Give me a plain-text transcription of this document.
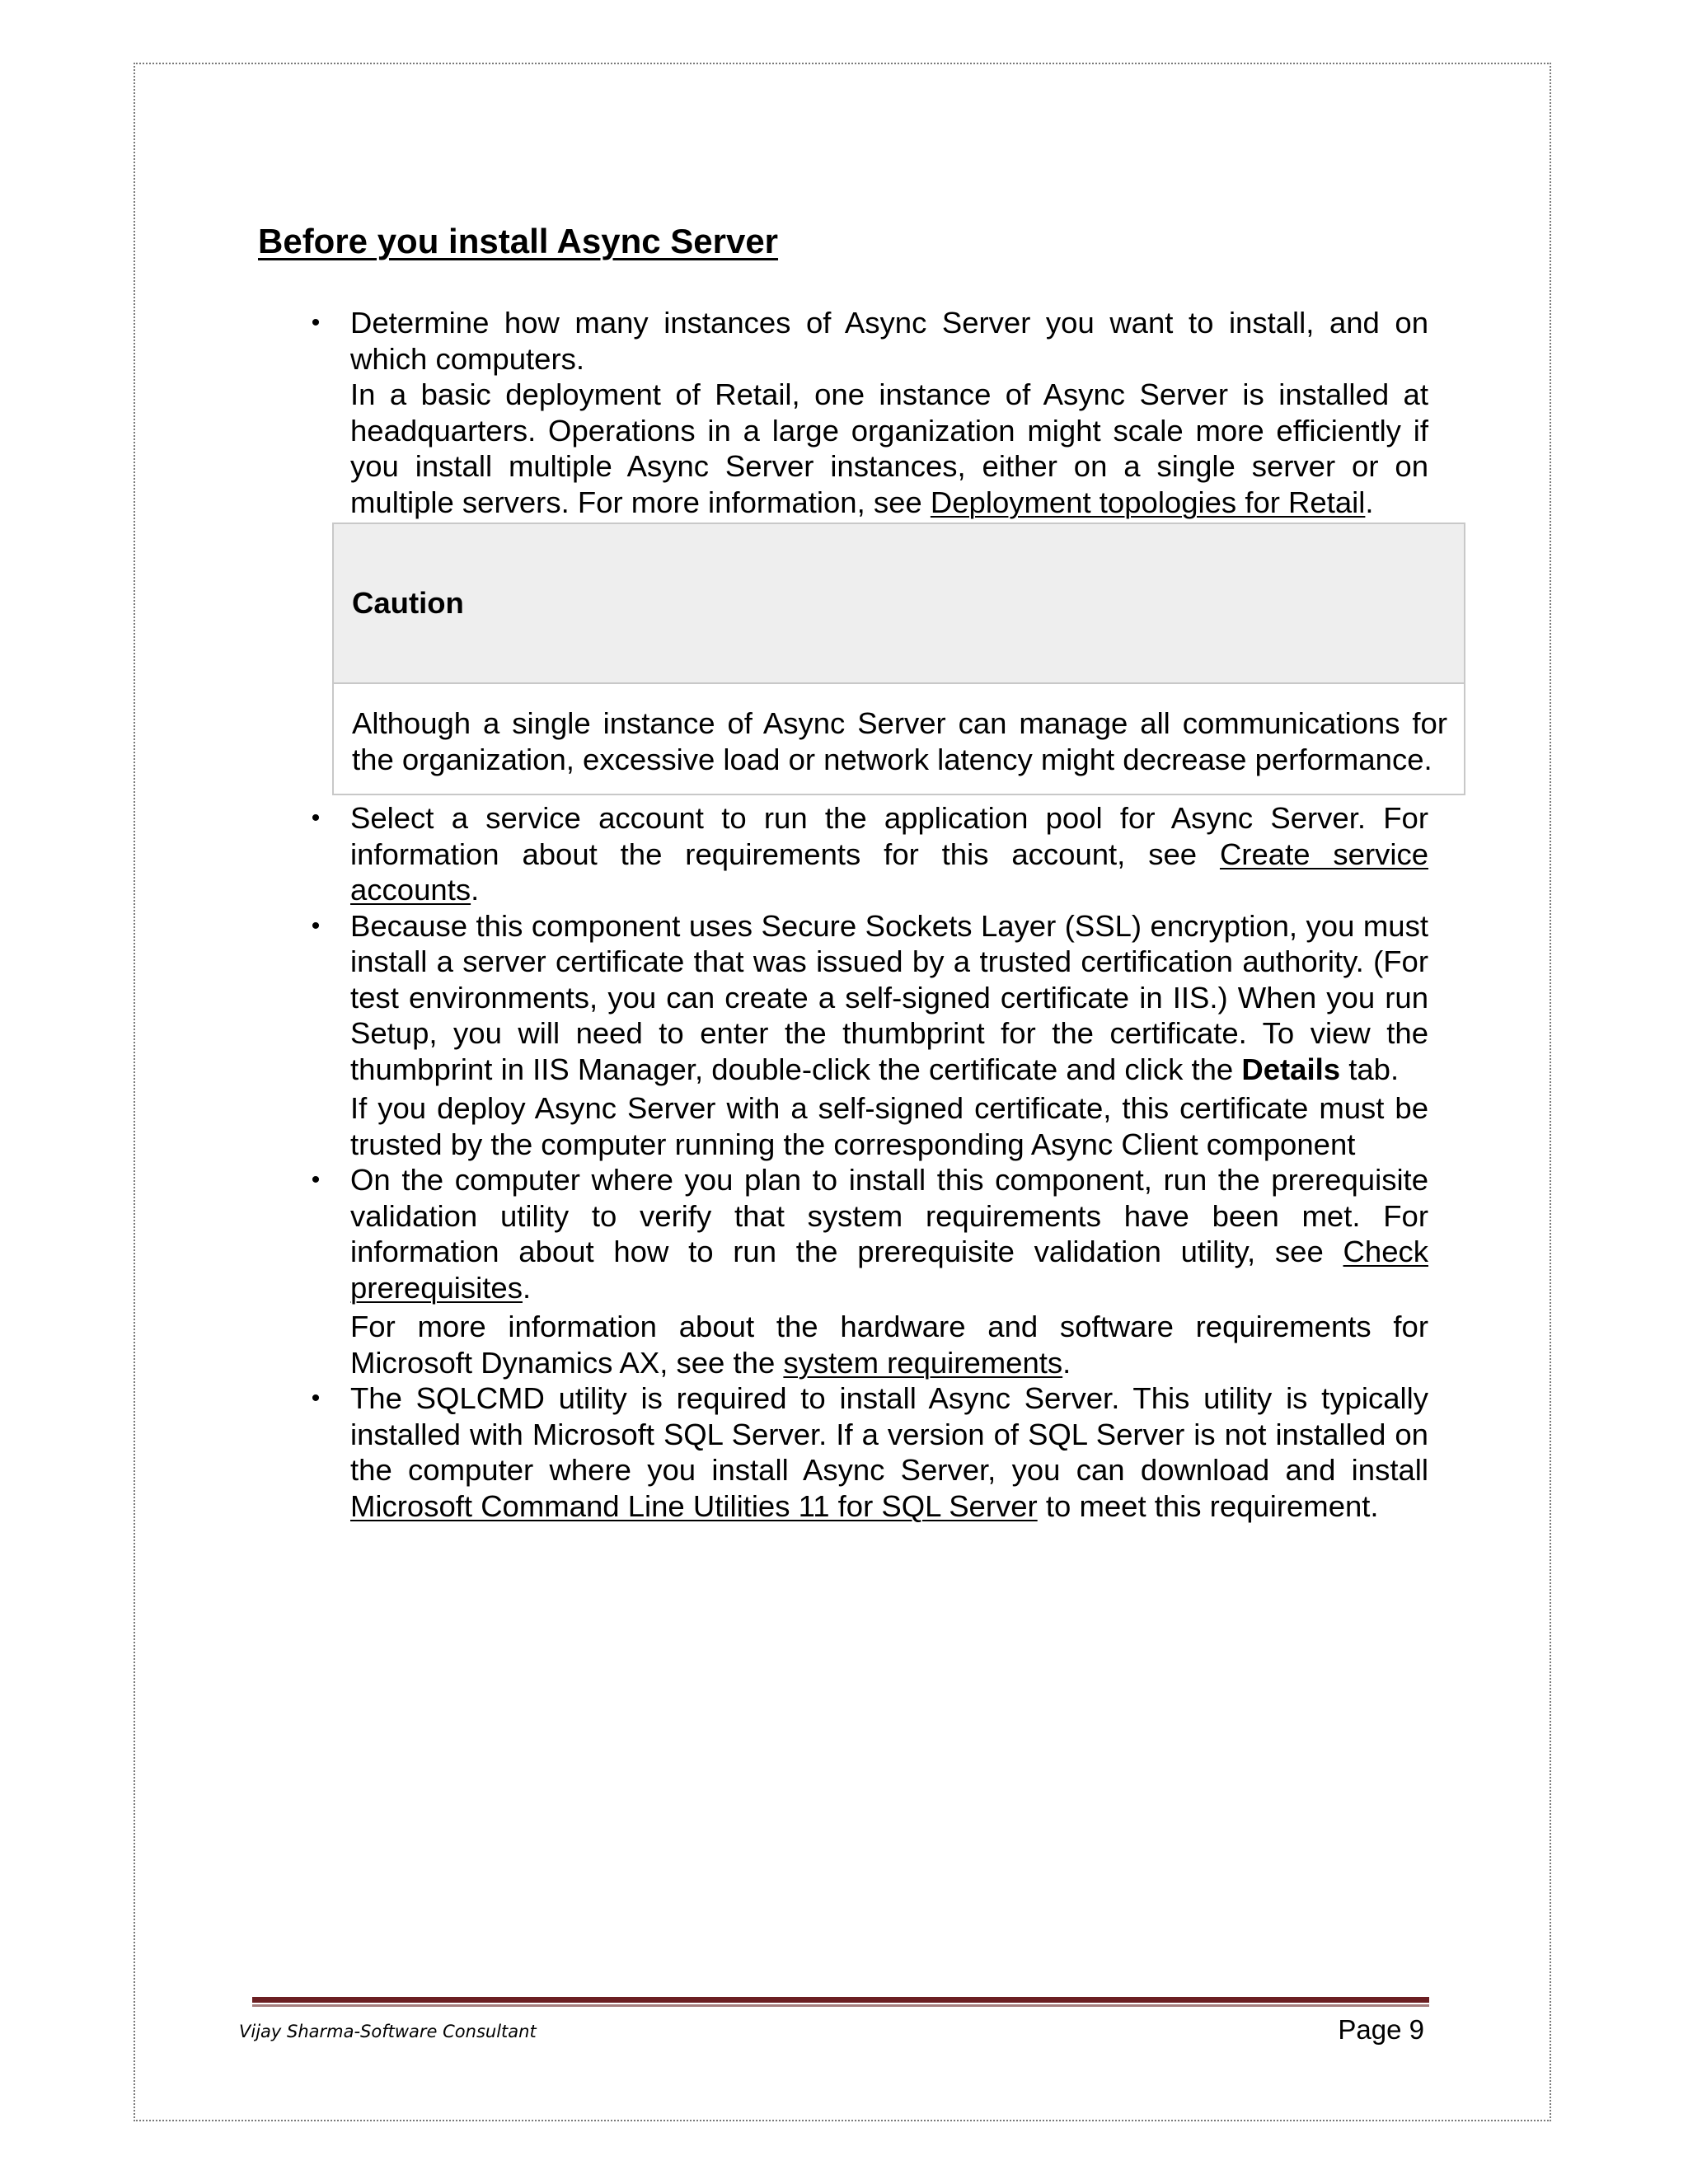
Before you install Async Server
• Determine how many instances of Async Server you want to install, and on which computers.

In a basic deployment of Retail, one instance of Async Server is installed at headquarters. Operations in a large organization might scale more efficiently if you install multiple Async Server instances, either on a single server or on multiple servers. For more information, see Deployment topologies for Retail.

Caution
Although a single instance of Async Server can manage all communications for the organization, excessive load or network latency might decrease performance.
• Select a service account to run the application pool for Async Server. For information about the requirements for this account, see Create service accounts.

• Because this component uses Secure Sockets Layer (SSL) encryption, you must install a server certificate that was issued by a trusted certification authority. (For test environments, you can create a self-signed certificate in IIS.) When you run Setup, you will need to enter the thumbprint for the certificate. To view the thumbprint in IIS Manager, double-click the certificate and click the Details tab.

If you deploy Async Server with a self-signed certificate, this certificate must be trusted by the computer running the corresponding Async Client component

• On the computer where you plan to install this component, run the prerequisite validation utility to verify that system requirements have been met. For information about how to run the prerequisite validation utility, see Check prerequisites.

For more information about the hardware and software requirements for Microsoft Dynamics AX, see the system requirements.

• The SQLCMD utility is required to install Async Server. This utility is typically installed with Microsoft SQL Server. If a version of SQL Server is not installed on the computer where you install Async Server, you can download and install Microsoft Command Line Utilities 11 for SQL Server to meet this requirement.

Vijay Sharma-Software Consultant	Page 9
